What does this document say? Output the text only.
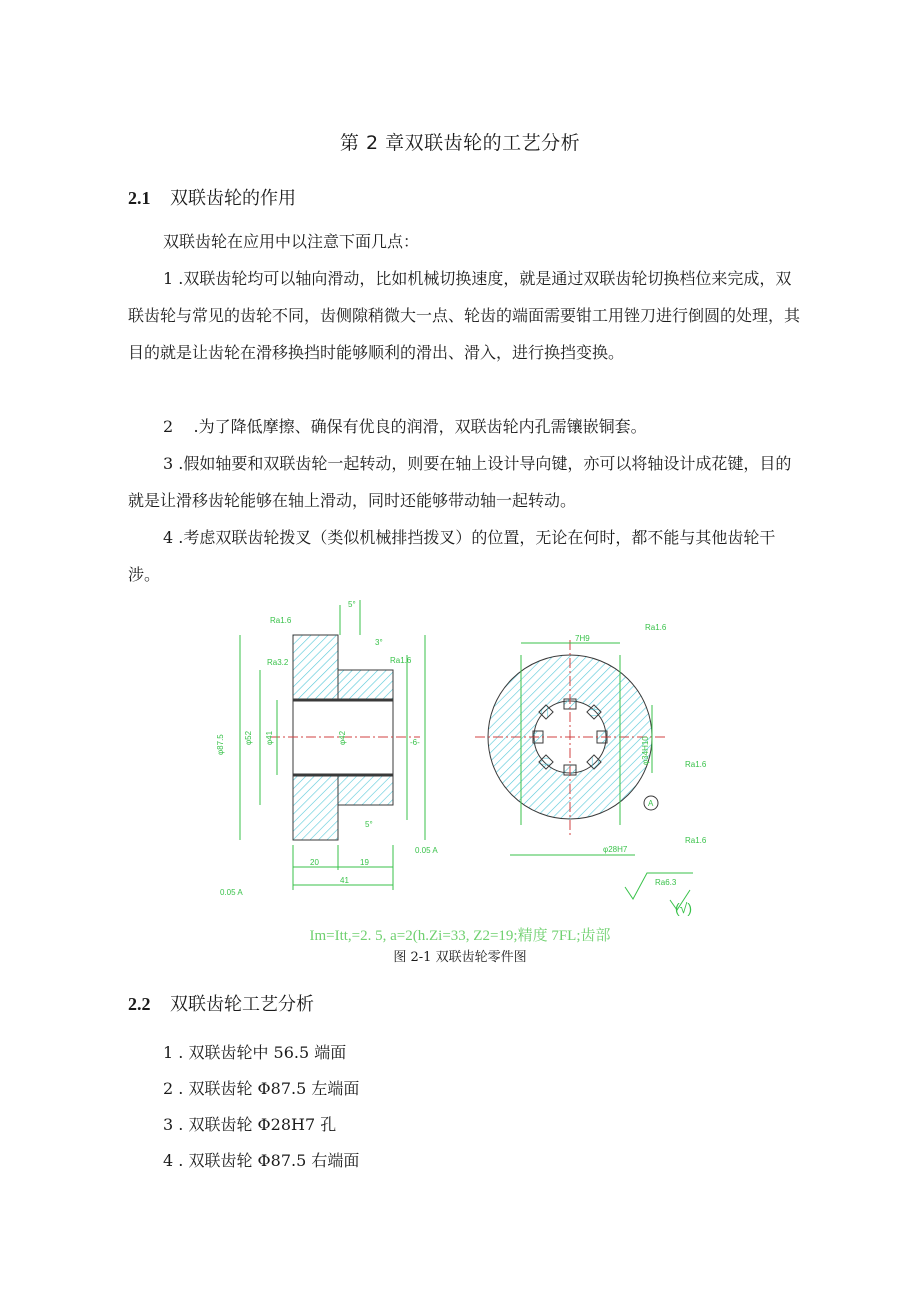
第 2 章双联齿轮的工艺分析
2.1 双联齿轮的作用
双联齿轮在应用中以注意下面几点：
1 .双联齿轮均可以轴向滑动，比如机械切换速度，就是通过双联齿轮切换档位来完成，双联齿轮与常见的齿轮不同，齿侧隙稍微大一点、轮齿的端面需要钳工用锉刀进行倒圆的处理，其目的就是让齿轮在滑移换挡时能够顺利的滑出、滑入，进行换挡变换。
2    .为了降低摩擦、确保有优良的润滑，双联齿轮内孔需镶嵌铜套。
3 .假如轴要和双联齿轮一起转动，则要在轴上设计导向键，亦可以将轴设计成花键，目的就是让滑移齿轮能够在轴上滑动，同时还能够带动轴一起转动。
4 .考虑双联齿轮拨叉（类似机械排挡拨叉）的位置，无论在何时，都不能与其他齿轮干涉。
5°
3°
5°
Ra1.6
Ra3.2	Ra1.6
φ52 φ41	φ42	-6-
φ87.5
0.05 A
0.05 A
20	19
41
7H9
Ra1.6
φ34H10	Ra1.6
A
φ28H7
Ra1.6
Ra6.3
(√)
Im=Itt,=2. 5, a=2(h.Zi=33, Z2=19;精度 7FL;齿部
图 2-1 双联齿轮零件图
2.2 双联齿轮工艺分析
1 . 双联齿轮中 56.5 端面
2 . 双联齿轮 Φ87.5 左端面
3 . 双联齿轮 Φ28H7 孔
4 . 双联齿轮 Φ87.5 右端面
